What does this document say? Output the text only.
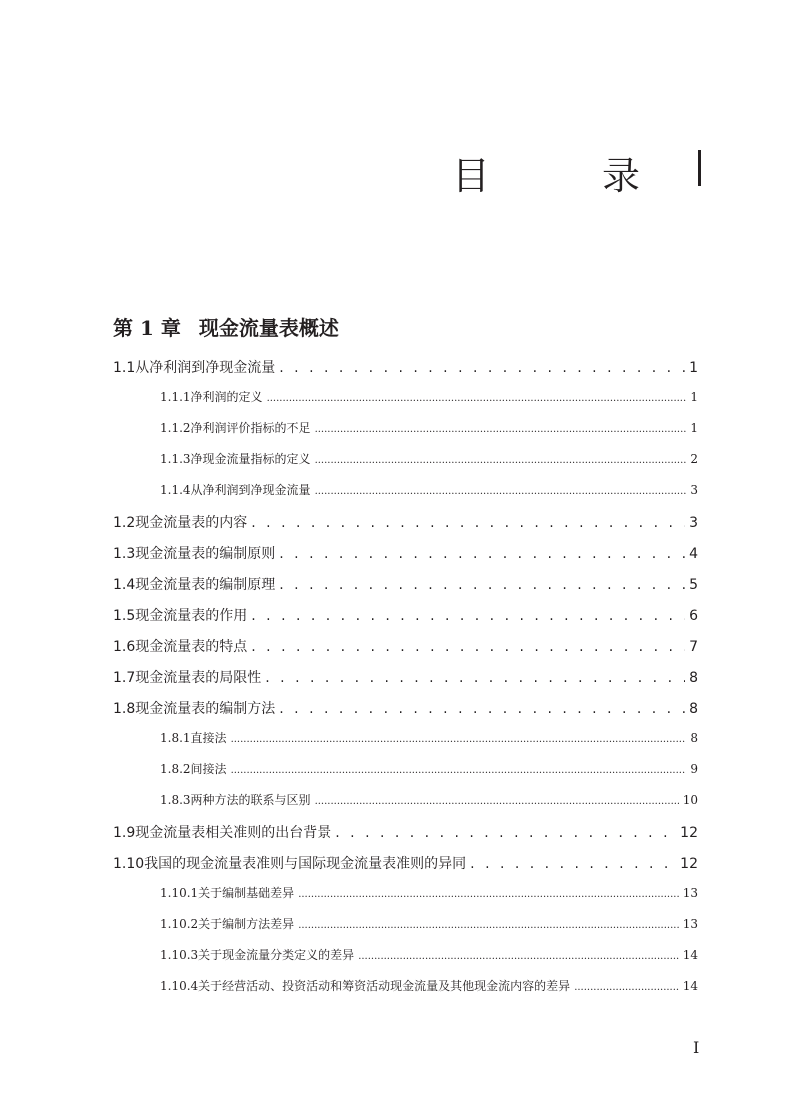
目 录
第 1 章 现金流量表概述
1.1 从净利润到净现金流量 . . .	1
1.1.1 净利润的定义 .....	1
1.1.2 净利润评价指标的不足 .....	1
1.1.3 净现金流量指标的定义 .....	2
1.1.4 从净利润到净现金流量 .....	3
1.2 现金流量表的内容 . . .	3
1.3 现金流量表的编制原则 . . .	4
1.4 现金流量表的编制原理 . . .	5
1.5 现金流量表的作用 . . .	6
1.6 现金流量表的特点 . . .	7
1.7 现金流量表的局限性 . . .	8
1.8 现金流量表的编制方法 . . .	8
1.8.1 直接法 .....	8
1.8.2 间接法 .....	9
1.8.3 两种方法的联系与区别 .....	10
1.9 现金流量表相关准则的出台背景 . . .	12
1.10 我国的现金流量表准则与国际现金流量表准则的异同 . . .	12
1.10.1 关于编制基础差异 .....	13
1.10.2 关于编制方法差异 .....	13
1.10.3 关于现金流量分类定义的差异 .....	14
1.10.4 关于经营活动、投资活动和筹资活动现金流量及其他现金流内容的差异 .....	14
I
